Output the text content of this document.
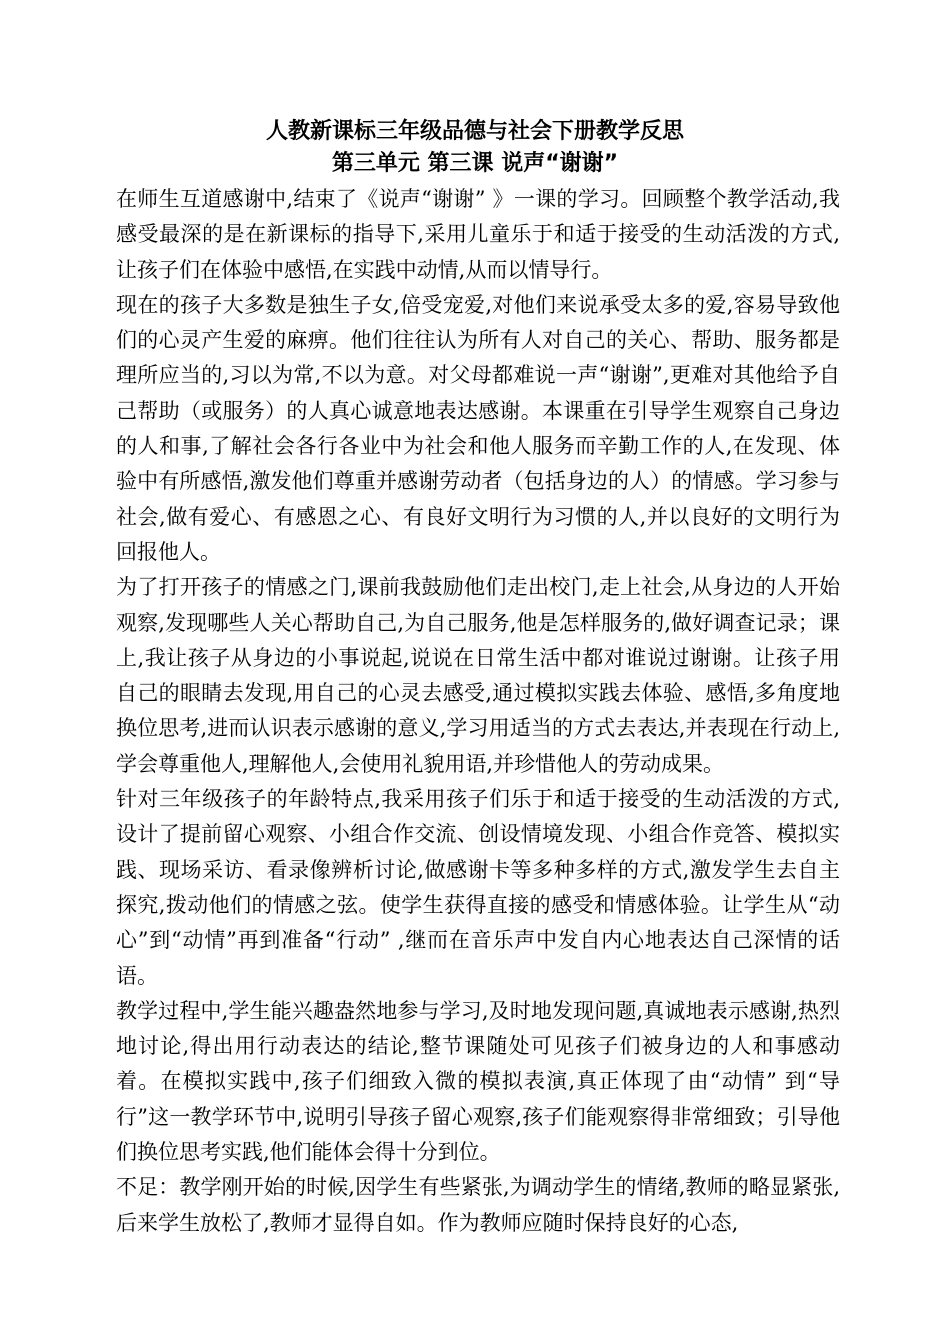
人教新课标三年级品德与社会下册教学反思

第三单元 第三课 说声“谢谢”

在师生互道感谢中,结束了《说声“谢谢” 》一课的学习。回顾整个教学活动,我感受最深的是在新课标的指导下,采用儿童乐于和适于接受的生动活泼的方式,让孩子们在体验中感悟,在实践中动情,从而以情导行。

现在的孩子大多数是独生子女,倍受宠爱,对他们来说承受太多的爱,容易导致他们的心灵产生爱的麻痹。他们往往认为所有人对自己的关心、帮助、服务都是理所应当的,习以为常,不以为意。对父母都难说一声“谢谢”,更难对其他给予自己帮助（或服务）的人真心诚意地表达感谢。本课重在引导学生观察自己身边的人和事,了解社会各行各业中为社会和他人服务而辛勤工作的人,在发现、体验中有所感悟,激发他们尊重并感谢劳动者（包括身边的人）的情感。学习参与社会,做有爱心、有感恩之心、有良好文明行为习惯的人,并以良好的文明行为回报他人。

为了打开孩子的情感之门,课前我鼓励他们走出校门,走上社会,从身边的人开始观察,发现哪些人关心帮助自己,为自己服务,他是怎样服务的,做好调查记录；课上,我让孩子从身边的小事说起,说说在日常生活中都对谁说过谢谢。让孩子用自己的眼睛去发现,用自己的心灵去感受,通过模拟实践去体验、感悟,多角度地换位思考,进而认识表示感谢的意义,学习用适当的方式去表达,并表现在行动上,学会尊重他人,理解他人,会使用礼貌用语,并珍惜他人的劳动成果。

针对三年级孩子的年龄特点,我采用孩子们乐于和适于接受的生动活泼的方式,设计了提前留心观察、小组合作交流、创设情境发现、小组合作竞答、模拟实践、现场采访、看录像辨析讨论,做感谢卡等多种多样的方式,激发学生去自主探究,拨动他们的情感之弦。使学生获得直接的感受和情感体验。让学生从“动心”到“动情”再到准备“行动” ,继而在音乐声中发自内心地表达自己深情的话语。

教学过程中,学生能兴趣盎然地参与学习,及时地发现问题,真诚地表示感谢,热烈地讨论,得出用行动表达的结论,整节课随处可见孩子们被身边的人和事感动着。在模拟实践中,孩子们细致入微的模拟表演,真正体现了由“动情” 到“导行”这一教学环节中,说明引导孩子留心观察,孩子们能观察得非常细致；引导他们换位思考实践,他们能体会得十分到位。

不足：教学刚开始的时候,因学生有些紧张,为调动学生的情绪,教师的略显紧张,后来学生放松了,教师才显得自如。作为教师应随时保持良好的心态,
